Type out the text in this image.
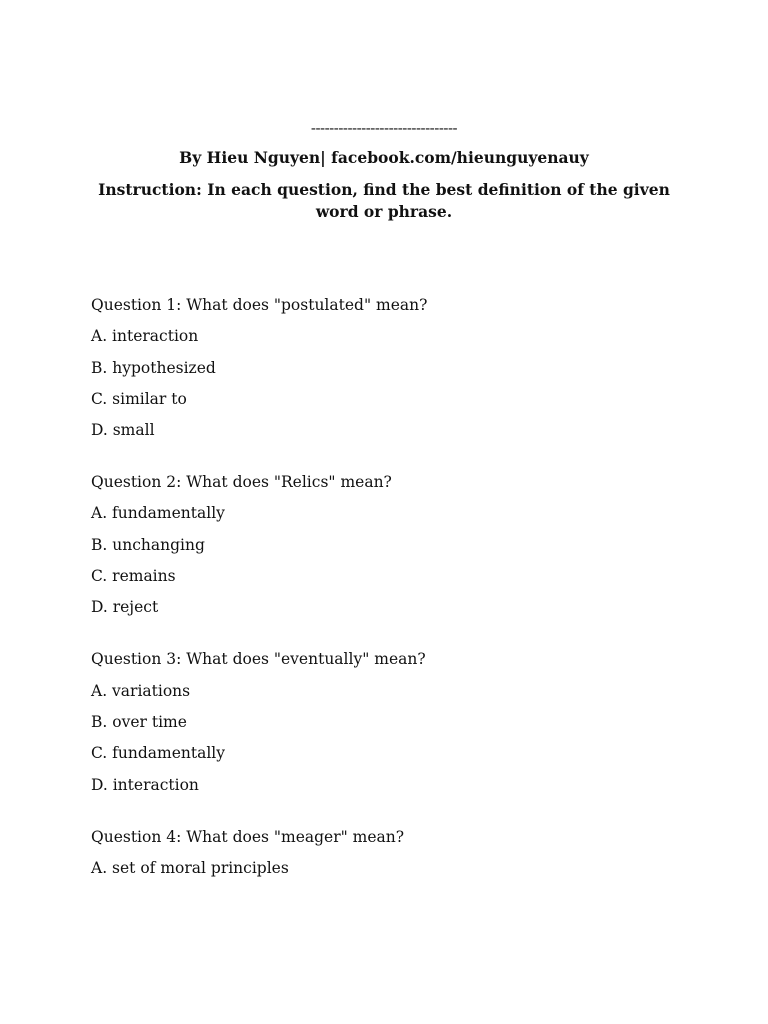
--------------------------------

By Hieu Nguyen| facebook.com/hieunguyenauy

Instruction: In each question, find the best definition of the given word or phrase.

Question 1: What does "postulated" mean?

A. interaction

B. hypothesized

C. similar to

D. small

Question 2: What does "Relics" mean?

A. fundamentally

B. unchanging

C. remains

D. reject

Question 3: What does "eventually" mean?

A. variations

B. over time

C. fundamentally

D. interaction

Question 4: What does "meager" mean?

A. set of moral principles
